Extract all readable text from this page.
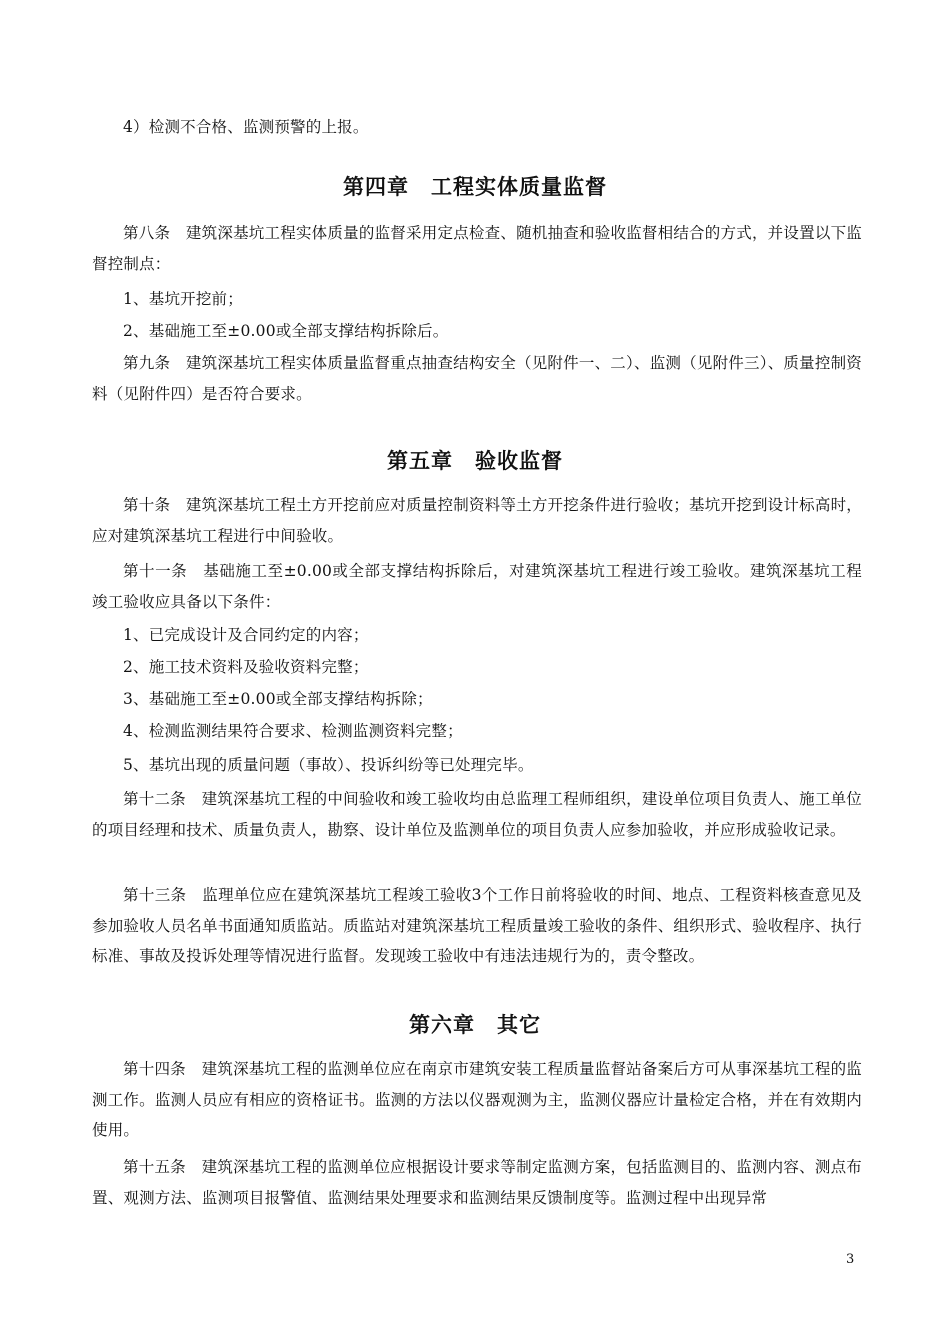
4）检测不合格、监测预警的上报。

第四章　工程实体质量监督

第八条　建筑深基坑工程实体质量的监督采用定点检查、随机抽查和验收监督相结合的方式，并设置以下监督控制点：

1、基坑开挖前；

2、基础施工至±0.00或全部支撑结构拆除后。

第九条　建筑深基坑工程实体质量监督重点抽查结构安全（见附件一、二）、监测（见附件三）、质量控制资料（见附件四）是否符合要求。

第五章　验收监督

第十条　建筑深基坑工程土方开挖前应对质量控制资料等土方开挖条件进行验收；基坑开挖到设计标高时，应对建筑深基坑工程进行中间验收。

第十一条　基础施工至±0.00或全部支撑结构拆除后，对建筑深基坑工程进行竣工验收。建筑深基坑工程竣工验收应具备以下条件：

1、已完成设计及合同约定的内容；

2、施工技术资料及验收资料完整；

3、基础施工至±0.00或全部支撑结构拆除；

4、检测监测结果符合要求、检测监测资料完整；

5、基坑出现的质量问题（事故）、投诉纠纷等已处理完毕。

第十二条　建筑深基坑工程的中间验收和竣工验收均由总监理工程师组织，建设单位项目负责人、施工单位的项目经理和技术、质量负责人，勘察、设计单位及监测单位的项目负责人应参加验收，并应形成验收记录。

第十三条　监理单位应在建筑深基坑工程竣工验收3个工作日前将验收的时间、地点、工程资料核查意见及参加验收人员名单书面通知质监站。质监站对建筑深基坑工程质量竣工验收的条件、组织形式、验收程序、执行标准、事故及投诉处理等情况进行监督。发现竣工验收中有违法违规行为的，责令整改。

第六章　其它

第十四条　建筑深基坑工程的监测单位应在南京市建筑安装工程质量监督站备案后方可从事深基坑工程的监测工作。监测人员应有相应的资格证书。监测的方法以仪器观测为主，监测仪器应计量检定合格，并在有效期内使用。

第十五条　建筑深基坑工程的监测单位应根据设计要求等制定监测方案，包括监测目的、监测内容、测点布置、观测方法、监测项目报警值、监测结果处理要求和监测结果反馈制度等。监测过程中出现异常

3
